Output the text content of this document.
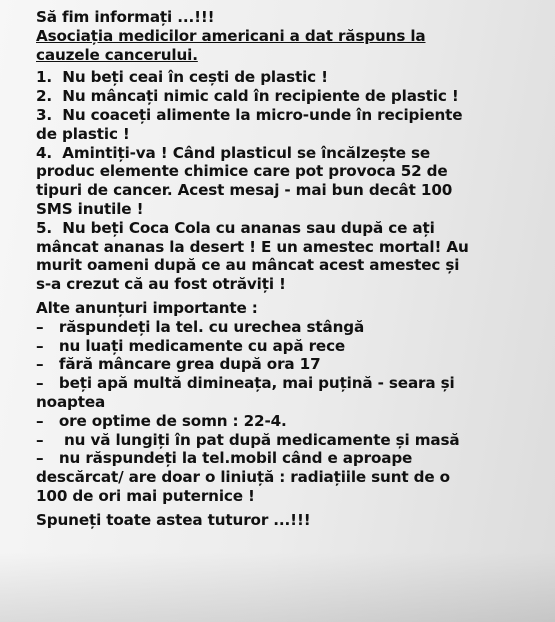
Să fim informați ...!!!
Asociația medicilor americani a dat răspuns la
cauzele cancerului.
1.  Nu beți ceai în cești de plastic !
2.  Nu mâncați nimic cald în recipiente de plastic !
3.  Nu coaceți alimente la micro-unde în recipiente
de plastic !
4.  Amintiți-va ! Când plasticul se încălzește se
produc elemente chimice care pot provoca 52 de
tipuri de cancer. Acest mesaj - mai bun decât 100
SMS inutile !
5.  Nu beți Coca Cola cu ananas sau după ce ați
mâncat ananas la desert ! E un amestec mortal! Au
murit oameni după ce au mâncat acest amestec și
s-a crezut că au fost otrăviți !
Alte anunțuri importante :
–   răspundeți la tel. cu urechea stângă
–   nu luați medicamente cu apă rece
–   fără mâncare grea după ora 17
–   beți apă multă dimineața, mai puțină - seara și
noaptea
–   ore optime de somn : 22-4.
–    nu vă lungiți în pat după medicamente și masă
–   nu răspundeți la tel.mobil când e aproape
descărcat/ are doar o liniuță : radiațiile sunt de o
100 de ori mai puternice !
Spuneți toate astea tuturor ...!!!
